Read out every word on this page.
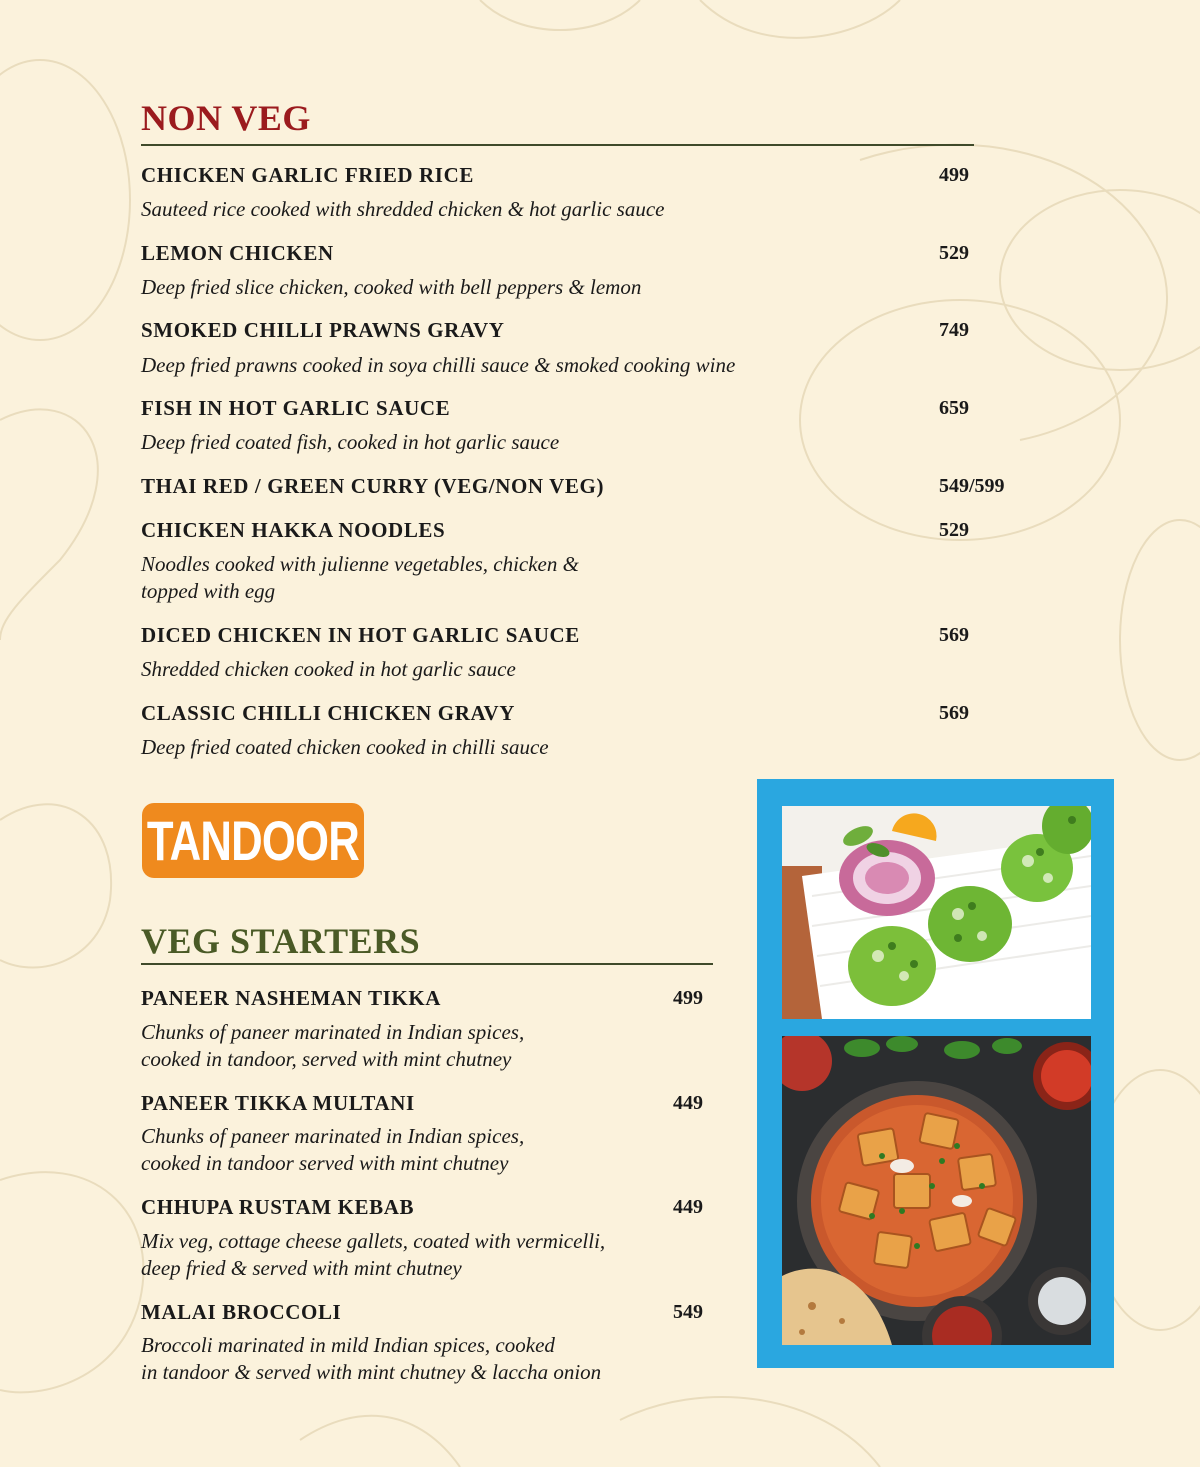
NON VEG
CHICKEN GARLIC FRIED RICE	499
Sauteed rice cooked with shredded chicken & hot garlic sauce
LEMON CHICKEN	529
Deep fried slice chicken, cooked with bell peppers & lemon
SMOKED CHILLI PRAWNS GRAVY	749
Deep fried prawns cooked in soya chilli sauce & smoked cooking wine
FISH IN HOT GARLIC SAUCE	659
Deep fried coated fish, cooked in hot garlic sauce
THAI RED / GREEN CURRY (VEG/NON VEG)	549/599
CHICKEN HAKKA NOODLES	529
Noodles cooked with julienne vegetables, chicken &
topped with egg
DICED CHICKEN IN HOT GARLIC SAUCE	569
Shredded chicken cooked in hot garlic sauce
CLASSIC CHILLI CHICKEN GRAVY	569
Deep fried coated chicken cooked in chilli sauce
TANDOOR
VEG STARTERS
PANEER NASHEMAN TIKKA	499
Chunks of paneer marinated in Indian spices,
cooked in tandoor, served with mint chutney
PANEER TIKKA MULTANI	449
Chunks of paneer marinated in Indian spices,
cooked in tandoor served with mint chutney
CHHUPA RUSTAM KEBAB	449
Mix veg, cottage cheese gallets, coated with vermicelli,
deep fried & served with mint chutney
MALAI BROCCOLI	549
Broccoli marinated in mild Indian spices, cooked
in tandoor & served with mint chutney & laccha onion
